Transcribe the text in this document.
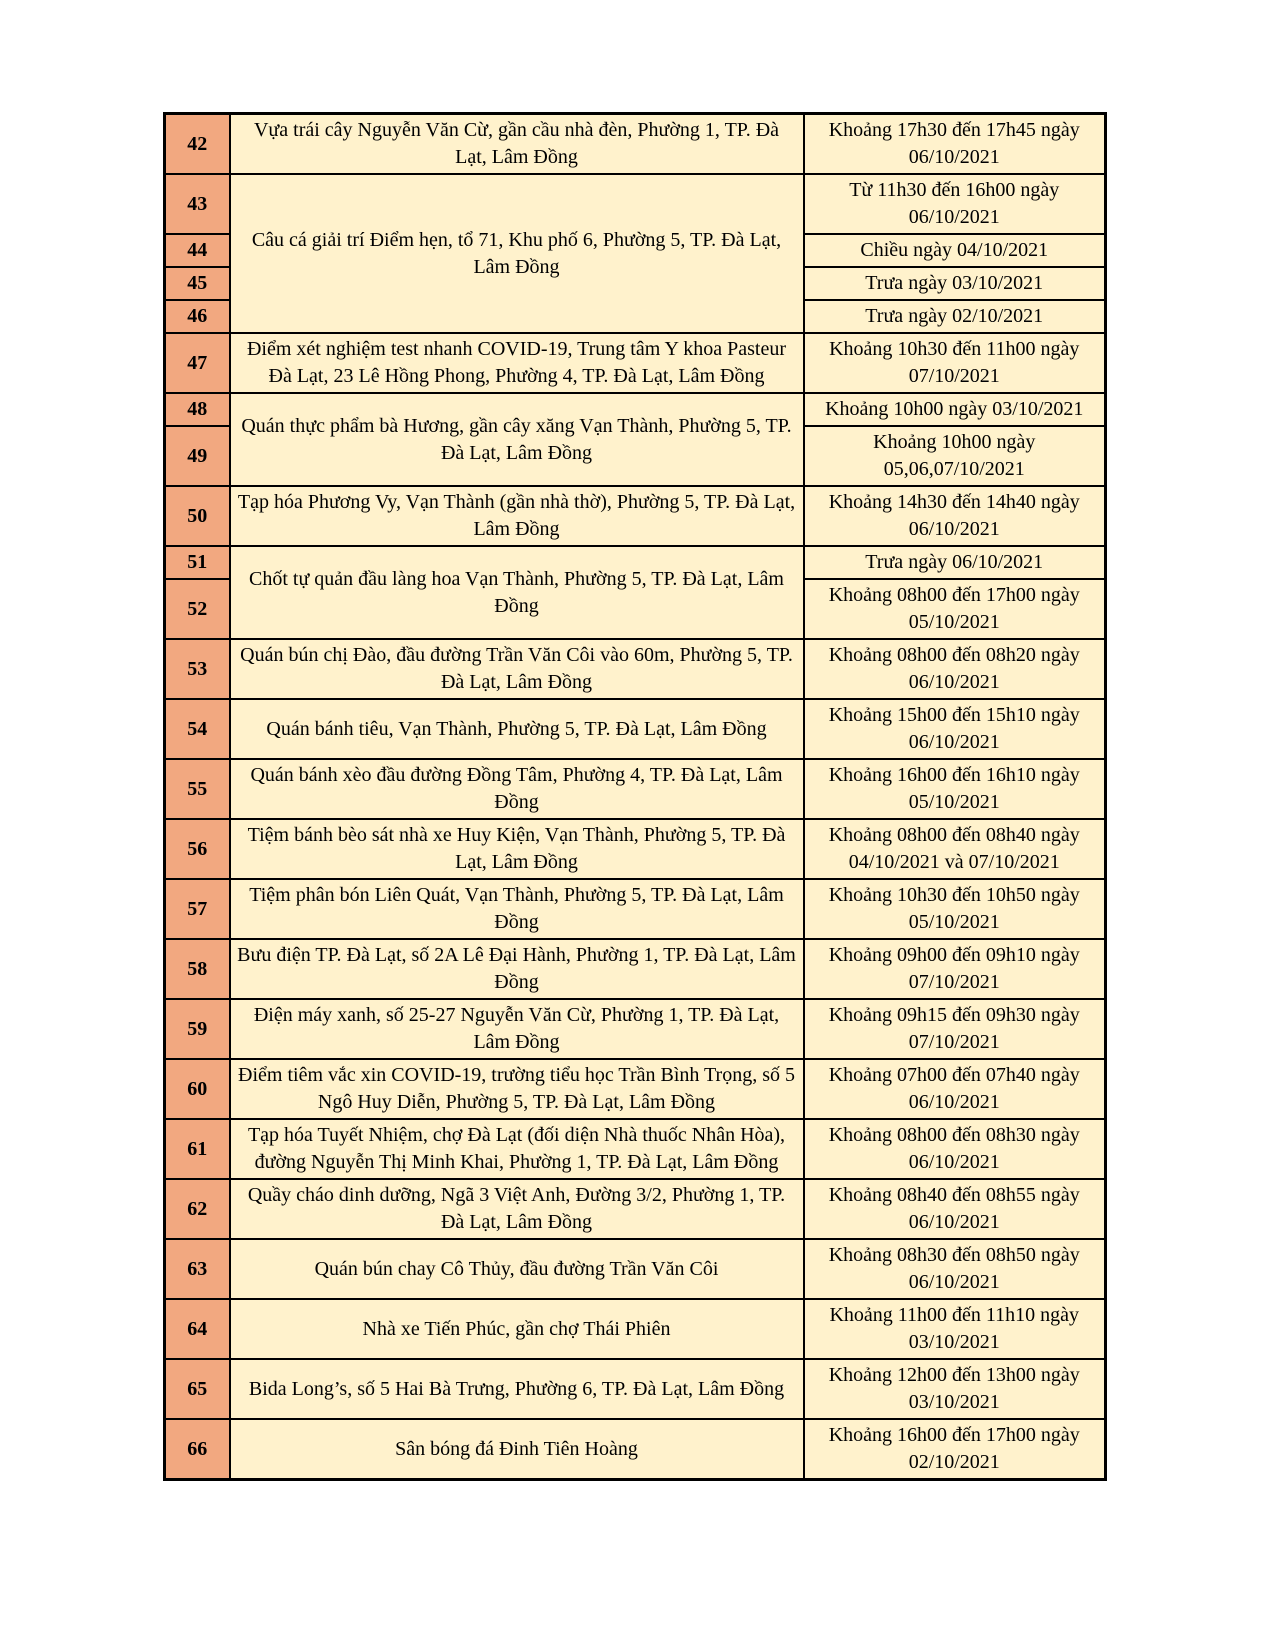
42	Vựa trái cây Nguyễn Văn Cừ, gần cầu nhà đèn, Phường 1, TP. Đà Lạt, Lâm Đồng	Khoảng 17h30 đến 17h45 ngày 06/10/2021
43	Câu cá giải trí Điểm hẹn, tổ 71, Khu phố 6, Phường 5, TP. Đà Lạt, Lâm Đồng	Từ 11h30 đến 16h00 ngày 06/10/2021
44		Chiều ngày 04/10/2021
45		Trưa ngày 03/10/2021
46		Trưa ngày 02/10/2021
47	Điểm xét nghiệm test nhanh COVID-19, Trung tâm Y khoa Pasteur Đà Lạt, 23 Lê Hồng Phong, Phường 4, TP. Đà Lạt, Lâm Đồng	Khoảng 10h30 đến 11h00 ngày 07/10/2021
48	Quán thực phẩm bà Hương, gần cây xăng Vạn Thành, Phường 5, TP. Đà Lạt, Lâm Đồng	Khoảng 10h00 ngày 03/10/2021
49		Khoảng 10h00 ngày 05,06,07/10/2021
50	Tạp hóa Phương Vy, Vạn Thành (gần nhà thờ), Phường 5, TP. Đà Lạt, Lâm Đồng	Khoảng 14h30 đến 14h40 ngày 06/10/2021
51	Chốt tự quản đầu làng hoa Vạn Thành, Phường 5, TP. Đà Lạt, Lâm Đồng	Trưa ngày 06/10/2021
52		Khoảng 08h00 đến 17h00 ngày 05/10/2021
53	Quán bún chị Đào, đầu đường Trần Văn Côi vào 60m, Phường 5, TP. Đà Lạt, Lâm Đồng	Khoảng 08h00 đến 08h20 ngày 06/10/2021
54	Quán bánh tiêu, Vạn Thành, Phường 5, TP. Đà Lạt, Lâm Đồng	Khoảng 15h00 đến 15h10 ngày 06/10/2021
55	Quán bánh xèo đầu đường Đồng Tâm, Phường 4, TP. Đà Lạt, Lâm Đồng	Khoảng 16h00 đến 16h10 ngày 05/10/2021
56	Tiệm bánh bèo sát nhà xe Huy Kiện, Vạn Thành, Phường 5, TP. Đà Lạt, Lâm Đồng	Khoảng 08h00 đến 08h40 ngày 04/10/2021 và 07/10/2021
57	Tiệm phân bón Liên Quát, Vạn Thành, Phường 5, TP. Đà Lạt, Lâm Đồng	Khoảng 10h30 đến 10h50 ngày 05/10/2021
58	Bưu điện TP. Đà Lạt, số 2A Lê Đại Hành, Phường 1, TP. Đà Lạt, Lâm Đồng	Khoảng 09h00 đến 09h10 ngày 07/10/2021
59	Điện máy xanh, số 25-27 Nguyễn Văn Cừ, Phường 1, TP. Đà Lạt, Lâm Đồng	Khoảng 09h15 đến 09h30 ngày 07/10/2021
60	Điểm tiêm vắc xin COVID-19, trường tiểu học Trần Bình Trọng, số 5 Ngô Huy Diễn, Phường 5, TP. Đà Lạt, Lâm Đồng	Khoảng 07h00 đến 07h40 ngày 06/10/2021
61	Tạp hóa Tuyết Nhiệm, chợ Đà Lạt (đối diện Nhà thuốc Nhân Hòa), đường Nguyễn Thị Minh Khai, Phường 1, TP. Đà Lạt, Lâm Đồng	Khoảng 08h00 đến 08h30 ngày 06/10/2021
62	Quầy cháo dinh dưỡng, Ngã 3 Việt Anh, Đường 3/2, Phường 1, TP. Đà Lạt, Lâm Đồng	Khoảng 08h40 đến 08h55 ngày 06/10/2021
63	Quán bún chay Cô Thủy, đầu đường Trần Văn Côi	Khoảng 08h30 đến 08h50 ngày 06/10/2021
64	Nhà xe Tiến Phúc, gần chợ Thái Phiên	Khoảng 11h00 đến 11h10 ngày 03/10/2021
65	Bida Long’s, số 5 Hai Bà Trưng, Phường 6, TP. Đà Lạt, Lâm Đồng	Khoảng 12h00 đến 13h00 ngày 03/10/2021
66	Sân bóng đá Đinh Tiên Hoàng	Khoảng 16h00 đến 17h00 ngày 02/10/2021
